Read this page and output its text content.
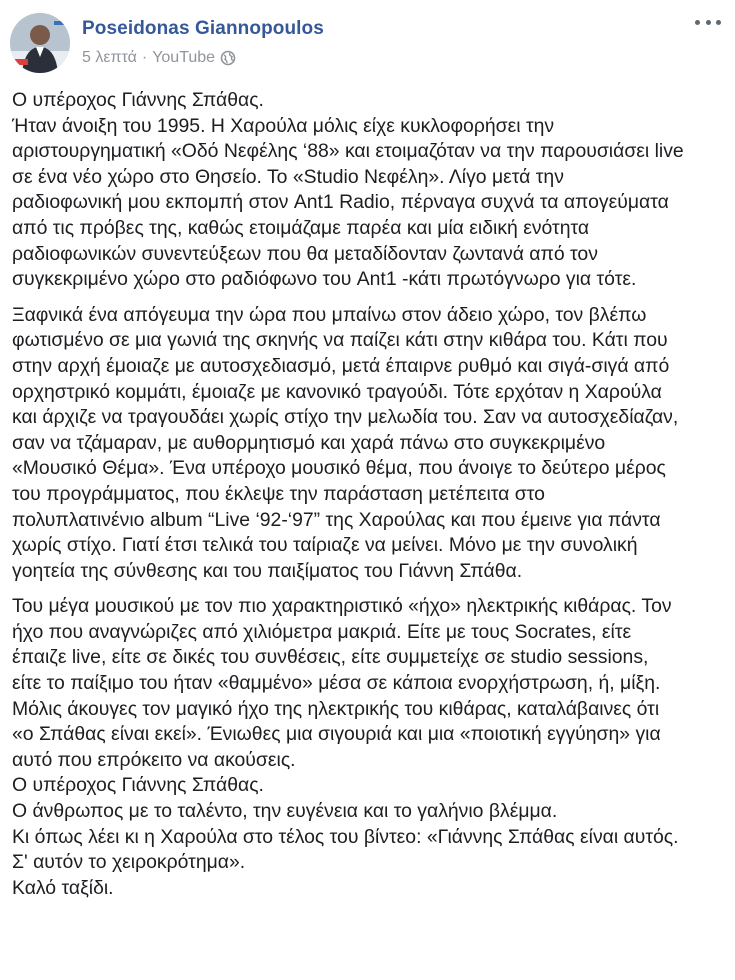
Poseidonas Giannopoulos
5 λεπτά · YouTube

Ο υπέροχος Γιάννης Σπάθας.
Ήταν άνοιξη του 1995. Η Χαρούλα μόλις είχε κυκλοφορήσει την
αριστουργηματική «Οδό Νεφέλης ‘88» και ετοιμαζόταν να την παρουσιάσει live
σε ένα νέο χώρο στο Θησείο. Το «Studio Νεφέλη». Λίγο μετά την
ραδιοφωνική μου εκπομπή στον Ant1 Radio, πέρναγα συχνά τα απογεύματα
από τις πρόβες της, καθώς ετοιμάζαμε παρέα και μία ειδική ενότητα
ραδιοφωνικών συνεντεύξεων που θα μεταδίδονταν ζωντανά από τον
συγκεκριμένο χώρο στο ραδιόφωνο του Ant1 -κάτι πρωτόγνωρο για τότε.

Ξαφνικά ένα απόγευμα την ώρα που μπαίνω στον άδειο χώρο, τον βλέπω
φωτισμένο σε μια γωνιά της σκηνής να παίζει κάτι στην κιθάρα του. Κάτι που
στην αρχή έμοιαζε με αυτοσχεδιασμό, μετά έπαιρνε ρυθμό και σιγά-σιγά από
ορχηστρικό κομμάτι, έμοιαζε με κανονικό τραγούδι. Τότε ερχόταν η Χαρούλα
και άρχιζε να τραγουδάει χωρίς στίχο την μελωδία του. Σαν να αυτοσχεδίαζαν,
σαν να τζάμαραν, με αυθορμητισμό και χαρά πάνω στο συγκεκριμένο
«Μουσικό Θέμα». Ένα υπέροχο μουσικό θέμα, που άνοιγε το δεύτερο μέρος
του προγράμματος, που έκλεψε την παράσταση μετέπειτα στο
πολυπλατινένιο album “Live ‘92-‘97” της Χαρούλας και που έμεινε για πάντα
χωρίς στίχο. Γιατί έτσι τελικά του ταίριαζε να μείνει. Μόνο με την συνολική
γοητεία της σύνθεσης και του παιξίματος του Γιάννη Σπάθα.

Του μέγα μουσικού με τον πιο χαρακτηριστικό «ήχο» ηλεκτρικής κιθάρας. Τον
ήχο που αναγνώριζες από χιλιόμετρα μακριά. Είτε με τους Socrates, είτε
έπαιζε live, είτε σε δικές του συνθέσεις, είτε συμμετείχε σε studio sessions,
είτε το παίξιμο του ήταν «θαμμένο» μέσα σε κάποια ενορχήστρωση, ή, μίξη.
Μόλις άκουγες τον μαγικό ήχο της ηλεκτρικής του κιθάρας, καταλάβαινες ότι
«ο Σπάθας είναι εκεί». Ένιωθες μια σιγουριά και μια «ποιοτική εγγύηση» για
αυτό που επρόκειτο να ακούσεις.
Ο υπέροχος Γιάννης Σπάθας.
Ο άνθρωπος με το ταλέντο, την ευγένεια και το γαλήνιο βλέμμα.
Κι όπως λέει κι η Χαρούλα στο τέλος του βίντεο: «Γιάννης Σπάθας είναι αυτός.
Σ' αυτόν το χειροκρότημα».
Καλό ταξίδι.
